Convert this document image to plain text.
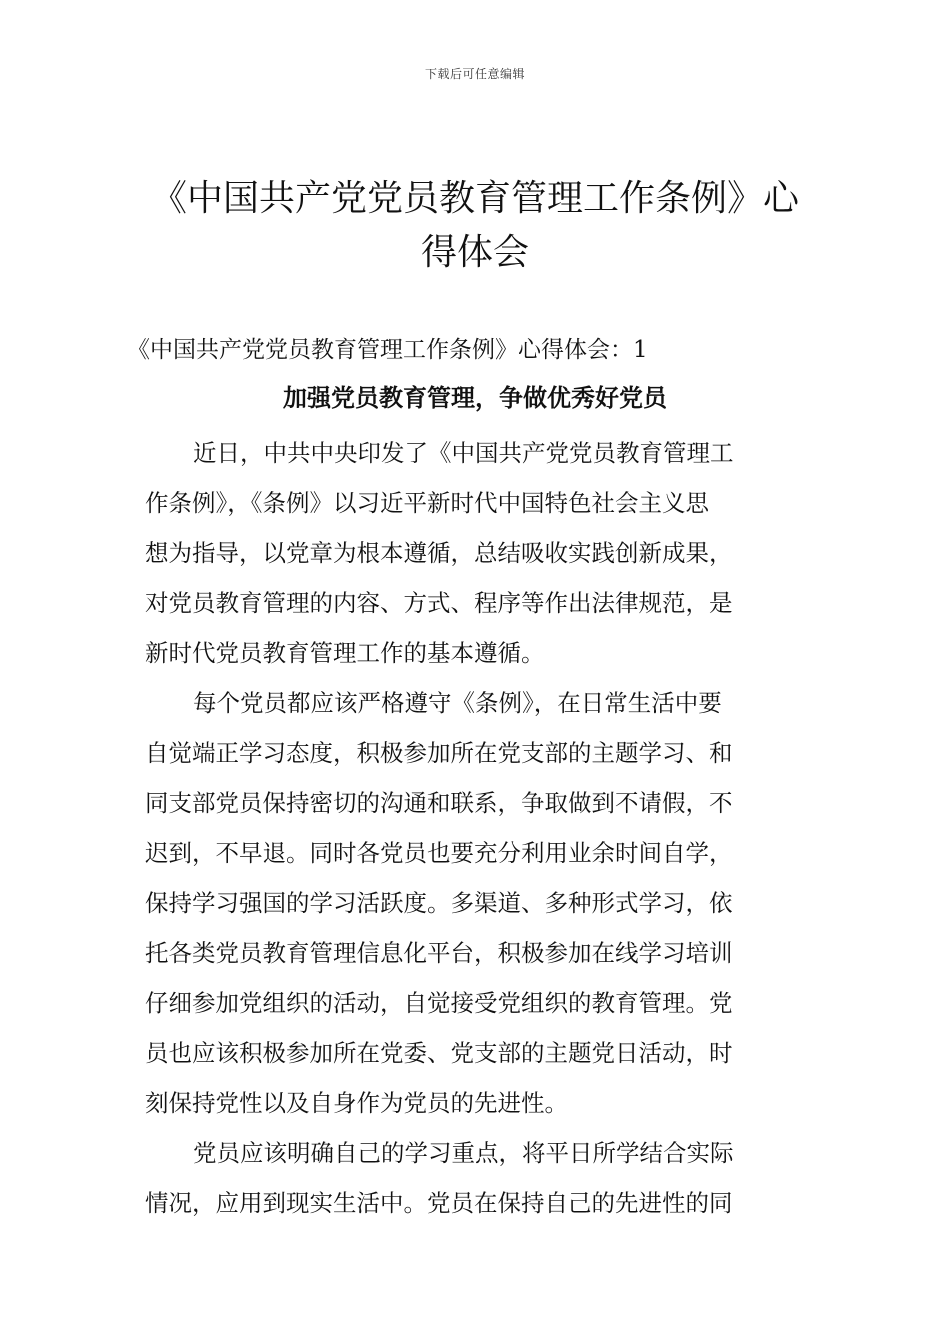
下载后可任意编辑
《中国共产党党员教育管理工作条例》心
得体会
《中国共产党党员教育管理工作条例》心得体会：1
加强党员教育管理，争做优秀好党员

近日，中共中央印发了《中国共产党党员教育管理工
作条例》，《条例》以习近平新时代中国特色社会主义思
想为指导，以党章为根本遵循，总结吸收实践创新成果，
对党员教育管理的内容、方式、程序等作出法律规范，是
新时代党员教育管理工作的基本遵循。

每个党员都应该严格遵守《条例》，在日常生活中要
自觉端正学习态度，积极参加所在党支部的主题学习、和
同支部党员保持密切的沟通和联系，争取做到不请假，不
迟到，不早退。同时各党员也要充分利用业余时间自学，
保持学习强国的学习活跃度。多渠道、多种形式学习，依
托各类党员教育管理信息化平台，积极参加在线学习培训
仔细参加党组织的活动，自觉接受党组织的教育管理。党
员也应该积极参加所在党委、党支部的主题党日活动，时
刻保持党性以及自身作为党员的先进性。

党员应该明确自己的学习重点，将平日所学结合实际
情况，应用到现实生活中。党员在保持自己的先进性的同
